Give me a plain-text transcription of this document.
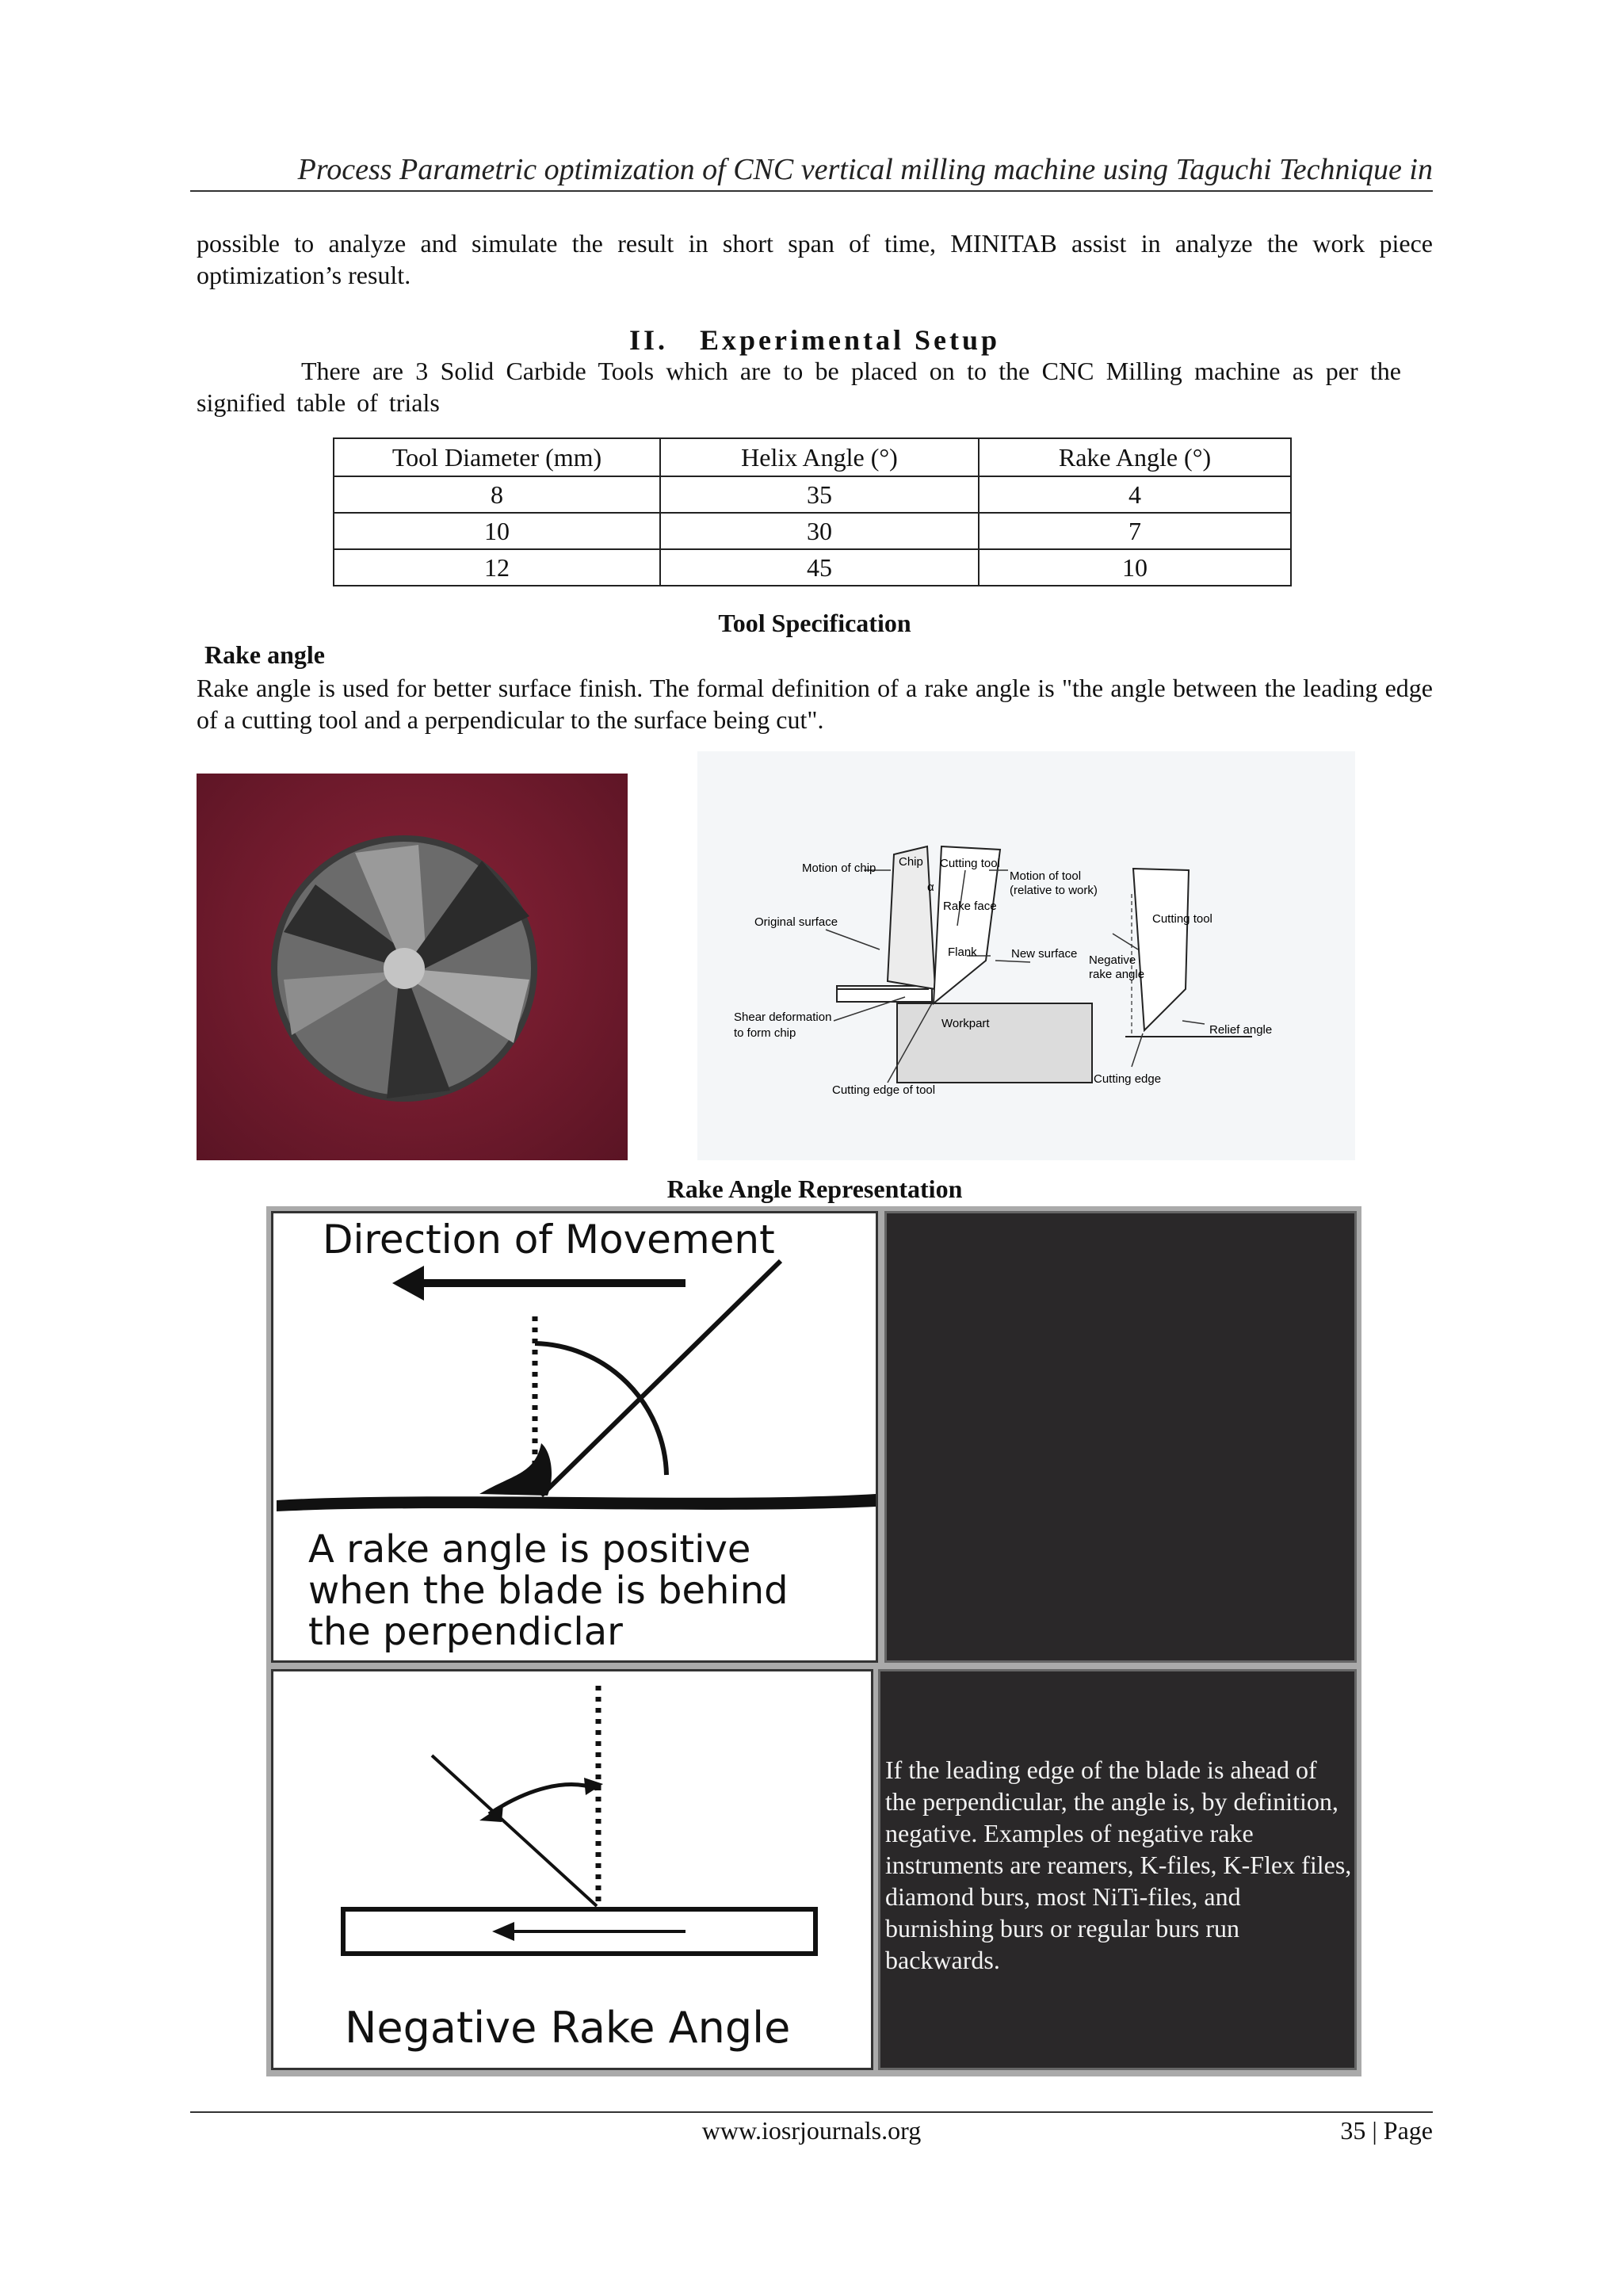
Process Parametric optimization of CNC vertical milling machine using Taguchi Technique in
possible to analyze and simulate the result in short span of time, MINITAB assist in analyze the work piece optimization’s result.
II. Experimental Setup
There are 3 Solid Carbide Tools which are to be placed on to the CNC Milling machine as per the signified table of trials
Tool Diameter (mm)	Helix Angle (°)	Rake Angle (°)
8	35	4
10	30	7
12	45	10
Tool Specification
Rake angle
Rake angle is used for better surface finish. The formal definition of a rake angle is "the angle between the leading edge of a cutting tool and a perpendicular to the surface being cut".
Motion of chip Chip Cutting tool
Motion of tool
(relative to work)
α
Rake face
Original surface
Flank	New surface
Shear deformation
to form chip
Workpart
Cutting edge of tool
Cutting tool
Negative
rake angle
Relief angle
Cutting edge
Rake Angle Representation
Direction of Movement
A rake angle is positive
when the blade is behind
the perpendiclar
Negative Rake Angle
If the leading edge of the blade is ahead of the perpendicular, the angle is, by definition, negative. Examples of negative rake instruments are reamers, K-files, K-Flex files, diamond burs, most NiTi-files, and burnishing burs or regular burs run backwards.
www.iosrjournals.org	35 | Page
